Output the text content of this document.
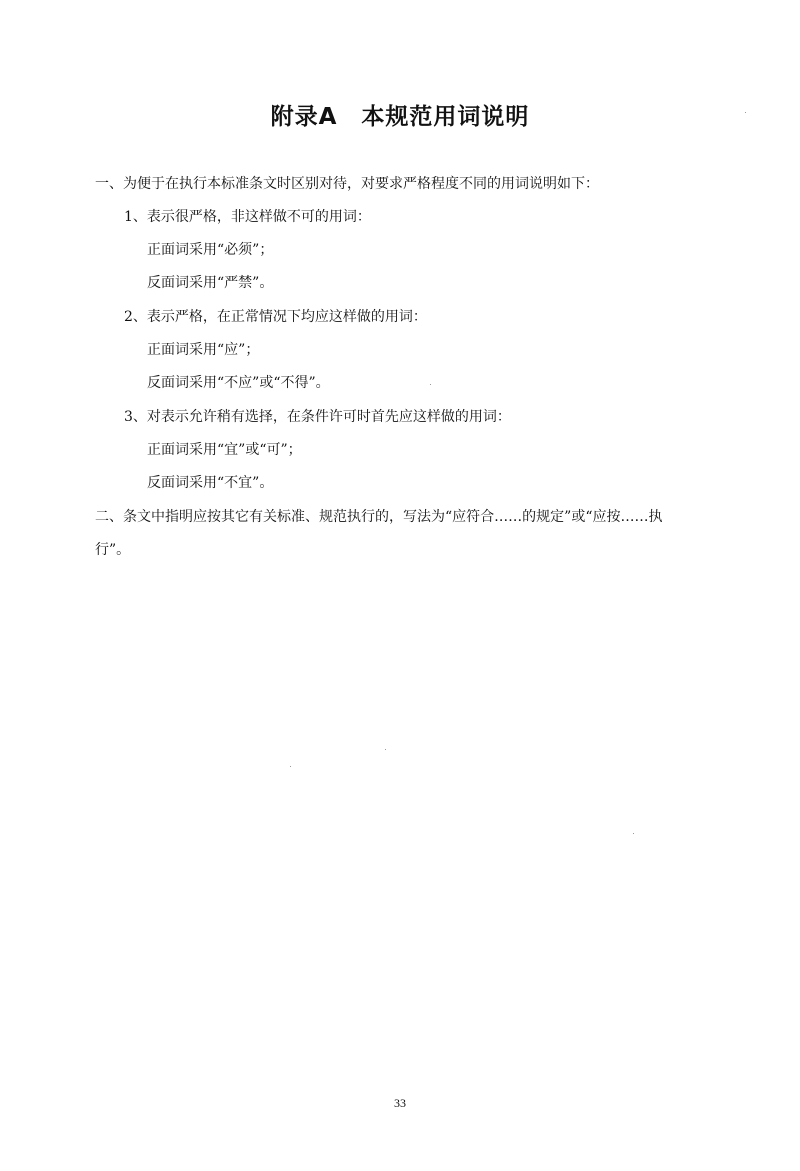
附录A　本规范用词说明
一、为便于在执行本标准条文时区别对待，对要求严格程度不同的用词说明如下：
1、表示很严格，非这样做不可的用词：
正面词采用“必须”；
反面词采用“严禁”。
2、表示严格，在正常情况下均应这样做的用词：
正面词采用“应”；
反面词采用“不应”或“不得”。
3、对表示允许稍有选择，在条件许可时首先应这样做的用词：
正面词采用“宜”或“可”；
反面词采用“不宜”。
二、条文中指明应按其它有关标准、规范执行的，写法为“应符合……的规定”或“应按……执
行”。
33
